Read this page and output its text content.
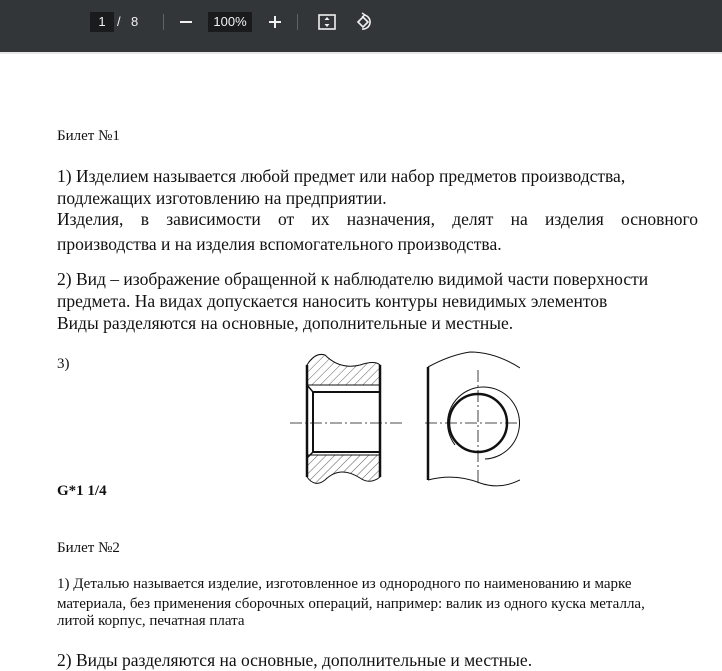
1 / 8	100%
Билет №1
1) Изделием называется любой предмет или набор предметов производства,
подлежащих изготовлению на предприятии.
Изделия, в зависимости от их назначения, делят на изделия основного
производства и на изделия вспомогательного производства.
2) Вид – изображение обращенной к наблюдателю видимой части поверхности
предмета. На видах допускается наносить контуры невидимых элементов
Виды разделяются на основные, дополнительные и местные.
3)
G*1 1/4
Билет №2
1) Деталью называется изделие, изготовленное из однородного по наименованию и марке
материала, без применения сборочных операций, например: валик из одного куска металла,
литой корпус, печатная плата
2) Виды разделяются на основные, дополнительные и местные.
